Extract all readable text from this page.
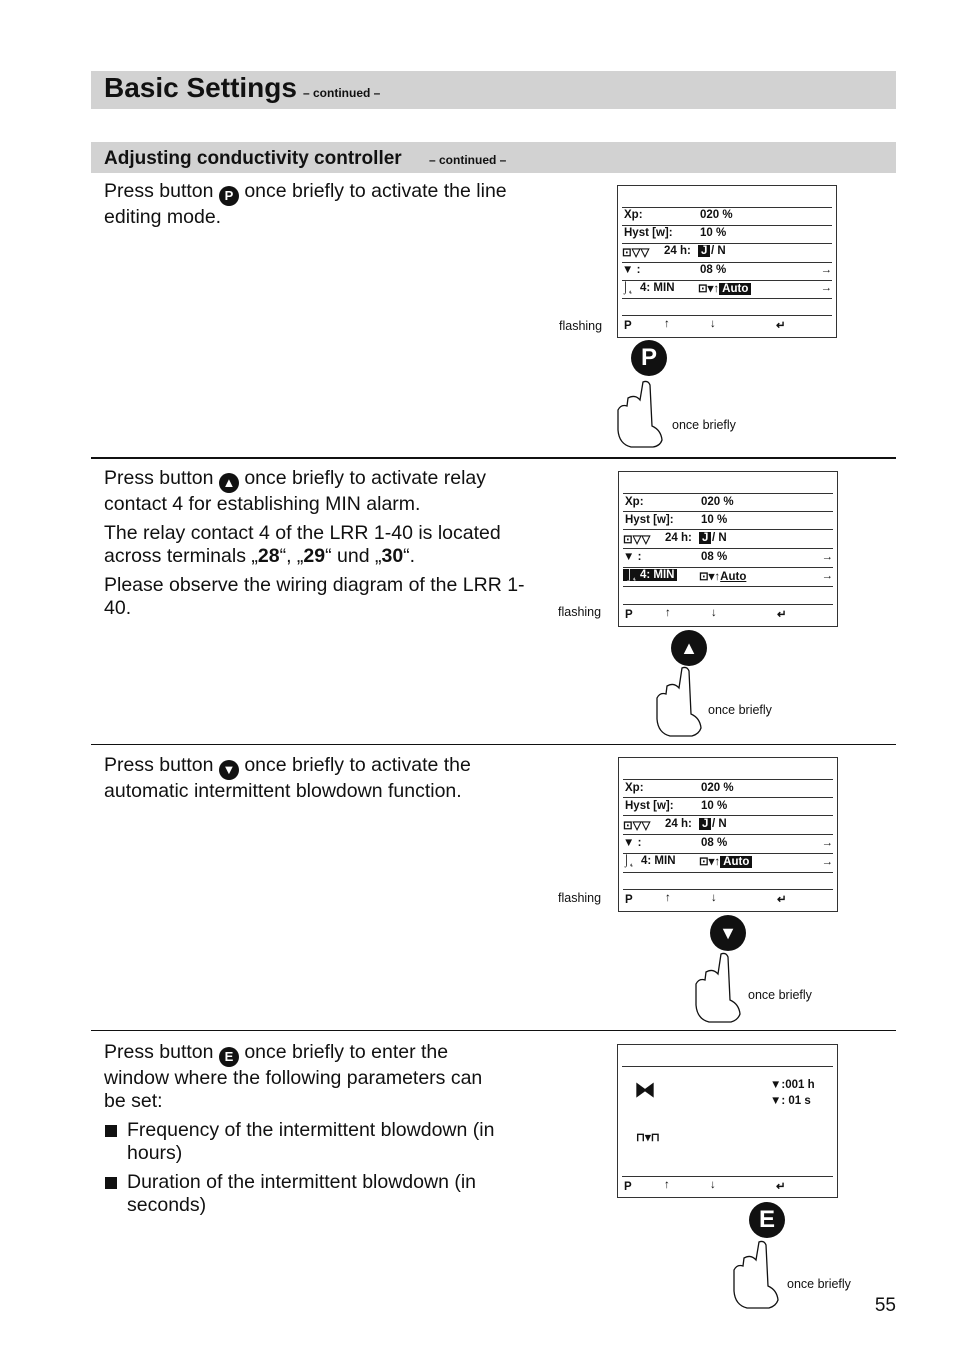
Basic Settings – continued –
Adjusting conductivity controller – continued –

Press button P once briefly to activate the line editing mode.	Xp:	020 %
Hyst [w]: 10 %
⊡▽▽ 24 h: J / N
▼ :	08 %	→
⌡˛ 4: MIN ⊡▾↑ Auto	→
P	↑	↓	↵
flashing
P
once briefly

Press button ▲ once briefly to activate relay contact 4 for establishing MIN alarm.

The relay contact 4 of the LRR 1-40 is located across terminals „28“, „29“ und „30“.

Please observe the wiring diagram of the LRR 1-40.

Xp:	020 %
Hyst [w]: 10 %
⊡▽▽ 24 h: J / N
▼ :	08 %	→
⌡˛ 4: MIN ⊡▾↑Auto	→
P	↑	↓	↵
flashing
▲
once briefly

Press button ▼ once briefly to activate the automatic intermittent blowdown function.	Xp:	020 %
Hyst [w]: 10 %
⊡▽▽ 24 h: J / N
▼ :	08 %	→
⌡˛ 4: MIN ⊡▾↑ Auto	→
P	↑	↓	↵
flashing
▼
once briefly

Press button E once briefly to enter the window where the following parameters can be set:

Frequency of the intermittent blowdown (in hours)

Duration of the intermittent blowdown (in seconds)

⧓	▼:001 h
▼: 01 s
⊓▾⊓
P	↑	↓	↵
E
once briefly
55
